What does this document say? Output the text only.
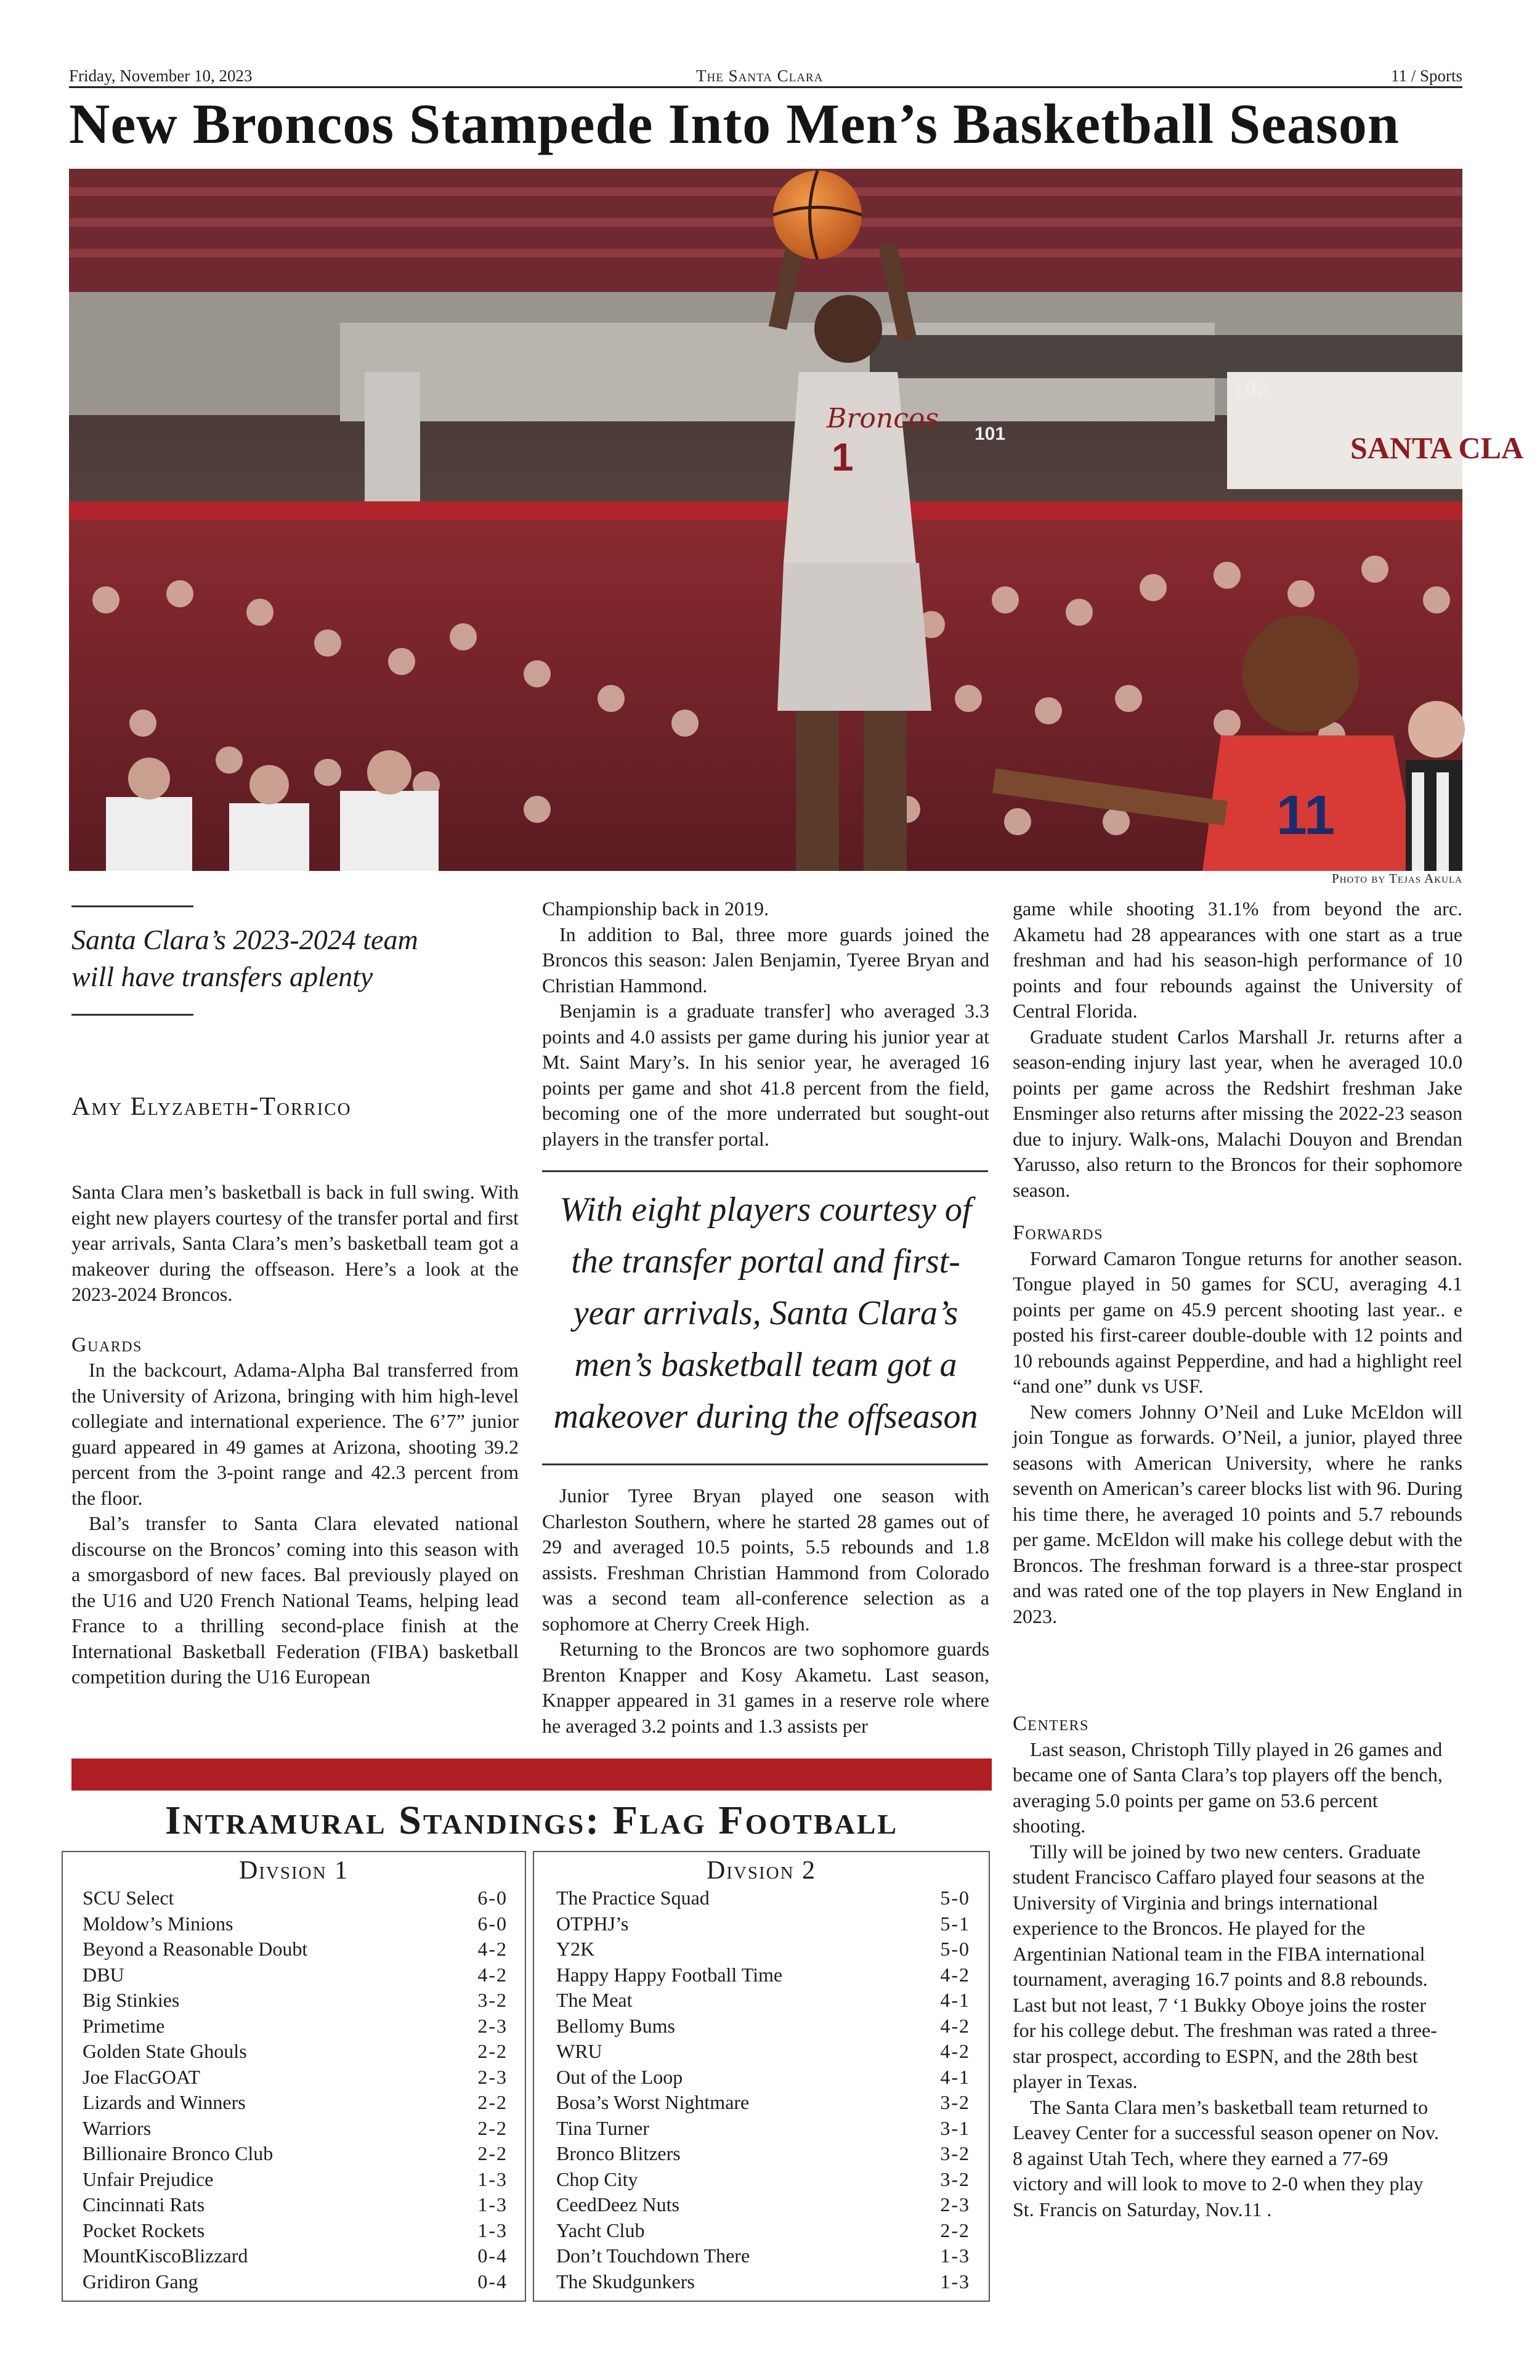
Friday, November 10, 2023	The Santa Clara	11 / Sports
New Broncos Stampede Into Men’s Basketball Season
SANTA CLA
102
101
Broncos
1
11
Photo by Tejas Akula
Santa Clara’s 2023-2024 team will have transfers aplenty
Amy Elyzabeth-Torrico

Santa Clara men’s basketball is back in full swing. With eight new players courtesy of the transfer portal and first year arrivals, Santa Clara’s men’s basketball team got a makeover during the offseason. Here’s a look at the 2023-2024 Broncos.

Guards

In the backcourt, Adama-Alpha Bal transferred from the University of Arizona, bringing with him high-level collegiate and international experience. The 6’7” junior guard appeared in 49 games at Arizona, shooting 39.2 percent from the 3-point range and 42.3 percent from the floor.

Bal’s transfer to Santa Clara elevated national discourse on the Broncos’ coming into this season with a smorgasbord of new faces. Bal previously played on the U16 and U20 French National Teams, helping lead France to a thrilling second-place finish at the International Basketball Federation (FIBA) basketball competition during the U16 European

Championship back in 2019.

In addition to Bal, three more guards joined the Broncos this season: Jalen Benjamin, Tyeree Bryan and Christian Hammond.

Benjamin is a graduate transfer] who averaged 3.3 points and 4.0 assists per game during his junior year at Mt. Saint Mary’s. In his senior year, he averaged 16 points per game and shot 41.8 percent from the field, becoming one of the more underrated but sought-out players in the transfer portal.

With eight players courtesy of the transfer portal and first-year arrivals, Santa Clara’s men’s basketball team got a makeover during the offseason

Junior Tyree Bryan played one season with Charleston Southern, where he started 28 games out of 29 and averaged 10.5 points, 5.5 rebounds and 1.8 assists. Freshman Christian Hammond from Colorado was a second team all-conference selection as a sophomore at Cherry Creek High.

Returning to the Broncos are two sophomore guards Brenton Knapper and Kosy Akametu. Last season, Knapper appeared in 31 games in a reserve role where he averaged 3.2 points and 1.3 assists per

game while shooting 31.1% from beyond the arc. Akametu had 28 appearances with one start as a true freshman and had his season-high performance of 10 points and four rebounds against the University of Central Florida.

Graduate student Carlos Marshall Jr. returns after a season-ending injury last year, when he averaged 10.0 points per game across the Redshirt freshman Jake Ensminger also returns after missing the 2022-23 season due to injury. Walk-ons, Malachi Douyon and Brendan Yarusso, also return to the Broncos for their sophomore season.

Forwards

Forward Camaron Tongue returns for another season. Tongue played in 50 games for SCU, averaging 4.1 points per game on 45.9 percent shooting last year.. e posted his first-career double-double with 12 points and 10 rebounds against Pepperdine, and had a highlight reel “and one” dunk vs USF.

New comers Johnny O’Neil and Luke McEldon will join Tongue as forwards. O’Neil, a junior, played three seasons with American University, where he ranks seventh on American’s career blocks list with 96. During his time there, he averaged 10 points and 5.7 rebounds per game. McEldon will make his college debut with the Broncos. The freshman forward is a three-star prospect and was rated one of the top players in New England in 2023.

Centers

Last season, Christoph Tilly played in 26 games and became one of Santa Clara’s top players off the bench, averaging 5.0 points per game on 53.6 percent shooting.

Tilly will be joined by two new centers. Graduate student Francisco Caffaro played four seasons at the University of Virginia and brings international experience to the Broncos. He played for the Argentinian National team in the FIBA international tournament, averaging 16.7 points and 8.8 rebounds. Last but not least, 7 ‘1 Bukky Oboye joins the roster for his college debut. The freshman was rated a three-star prospect, according to ESPN, and the 28th best player in Texas.

The Santa Clara men’s basketball team returned to Leavey Center for a successful season opener on Nov. 8 against Utah Tech, where they earned a 77-69 victory and will look to move to 2-0 when they play St. Francis on Saturday, Nov.11 .

Intramural Standings: Flag Football
Divsion 1
SCU Select	6-0
Moldow’s Minions	6-0
Beyond a Reasonable Doubt	4-2
DBU	4-2
Big Stinkies	3-2
Primetime	2-3
Golden State Ghouls	2-2
Joe FlacGOAT	2-3
Lizards and Winners	2-2
Warriors	2-2
Billionaire Bronco Club	2-2
Unfair Prejudice	1-3
Cincinnati Rats	1-3
Pocket Rockets	1-3
MountKiscoBlizzard	0-4
Gridiron Gang	0-4
Divsion 2
The Practice Squad	5-0
OTPHJ’s	5-1
Y2K	5-0
Happy Happy Football Time	4-2
The Meat	4-1
Bellomy Bums	4-2
WRU	4-2
Out of the Loop	4-1
Bosa’s Worst Nightmare	3-2
Tina Turner	3-1
Bronco Blitzers	3-2
Chop City	3-2
CeedDeez Nuts	2-3
Yacht Club	2-2
Don’t Touchdown There	1-3
The Skudgunkers	1-3
